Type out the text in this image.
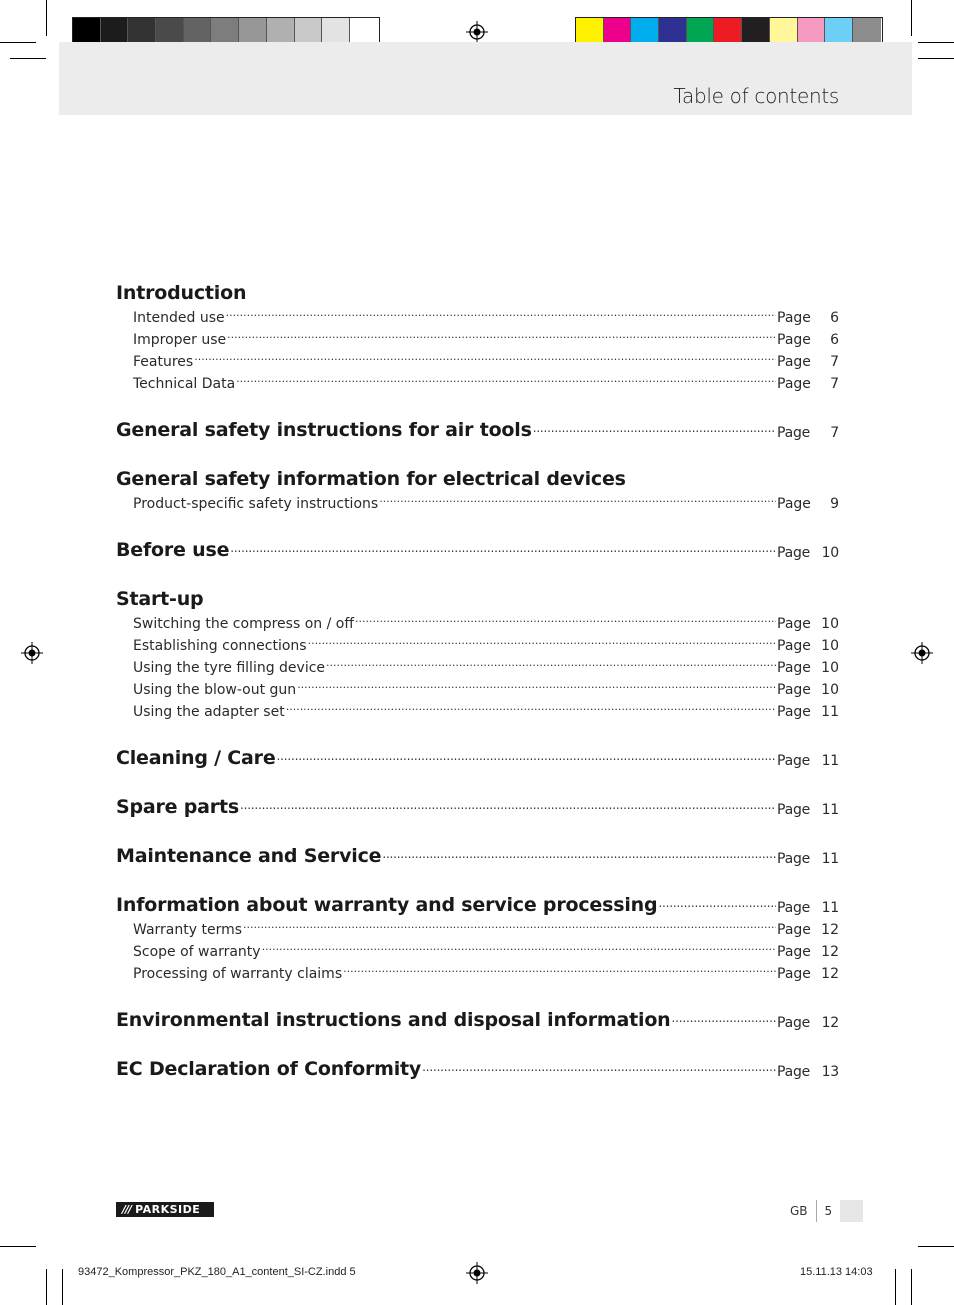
Table of contents
Introduction
Intended use .....	Page 6
Improper use .....	Page 6
Features .....	Page 7
Technical Data .....	Page 7
General safety instructions for air tools .....	Page 7
General safety information for electrical devices
Product-specific safety instructions .....	Page 9
Before use .....	Page 10
Start-up
Switching the compress on / off .....	Page 10
Establishing connections .....	Page 10
Using the tyre filling device .....	Page 10
Using the blow-out gun .....	Page 10
Using the adapter set .....	Page 11
Cleaning / Care .....	Page 11
Spare parts .....	Page 11
Maintenance and Service .....	Page 11
Information about warranty and service processing .....	Page 11
Warranty terms .....	Page 12
Scope of warranty .....	Page 12
Processing of warranty claims .....	Page 12
Environmental instructions and disposal information .....	Page 12
EC Declaration of Conformity .....	Page 13
/// PARKSIDE	GB	5
93472_Kompressor_PKZ_180_A1_content_SI-CZ.indd 5	15.11.13 14:03
